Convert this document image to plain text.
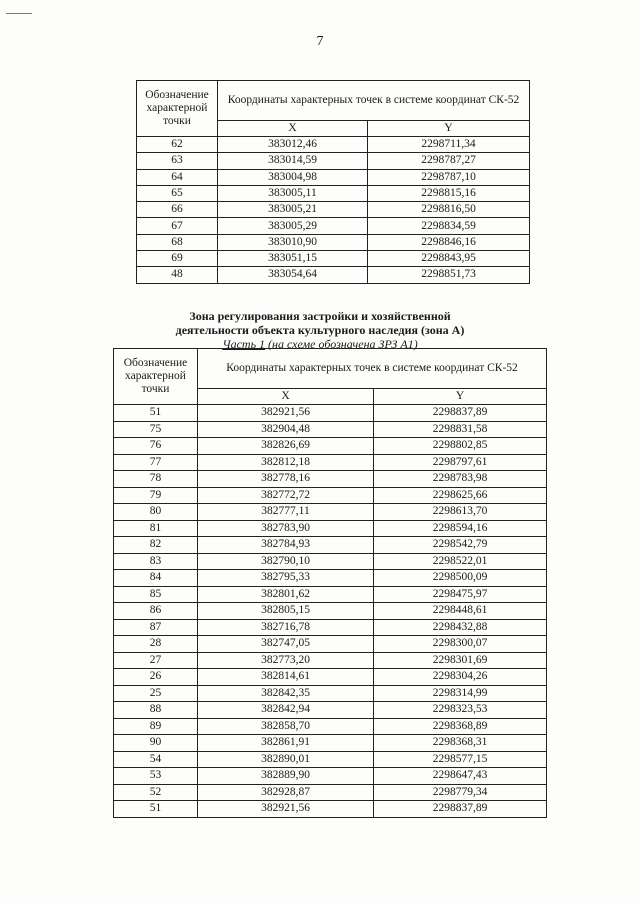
7
Обозначение характерной точки	Координаты характерных точек в системе координат СК-52	
	X	Y
62	383012,46	2298711,34
63	383014,59	2298787,27
64	383004,98	2298787,10
65	383005,11	2298815,16
66	383005,21	2298816,50
67	383005,29	2298834,59
68	383010,90	2298846,16
69	383051,15	2298843,95
48	383054,64	2298851,73
Зона регулирования застройки и хозяйственной
деятельности объекта культурного наследия (зона А)
Часть 1 (на схеме обозначена ЗРЗ А1)
Обозначение характерной точки	Координаты характерных точек в системе координат СК-52	
	X	Y
51	382921,56	2298837,89
75	382904,48	2298831,58
76	382826,69	2298802,85
77	382812,18	2298797,61
78	382778,16	2298783,98
79	382772,72	2298625,66
80	382777,11	2298613,70
81	382783,90	2298594,16
82	382784,93	2298542,79
83	382790,10	2298522,01
84	382795,33	2298500,09
85	382801,62	2298475,97
86	382805,15	2298448,61
87	382716,78	2298432,88
28	382747,05	2298300,07
27	382773,20	2298301,69
26	382814,61	2298304,26
25	382842,35	2298314,99
88	382842,94	2298323,53
89	382858,70	2298368,89
90	382861,91	2298368,31
54	382890,01	2298577,15
53	382889,90	2298647,43
52	382928,87	2298779,34
51	382921,56	2298837,89
